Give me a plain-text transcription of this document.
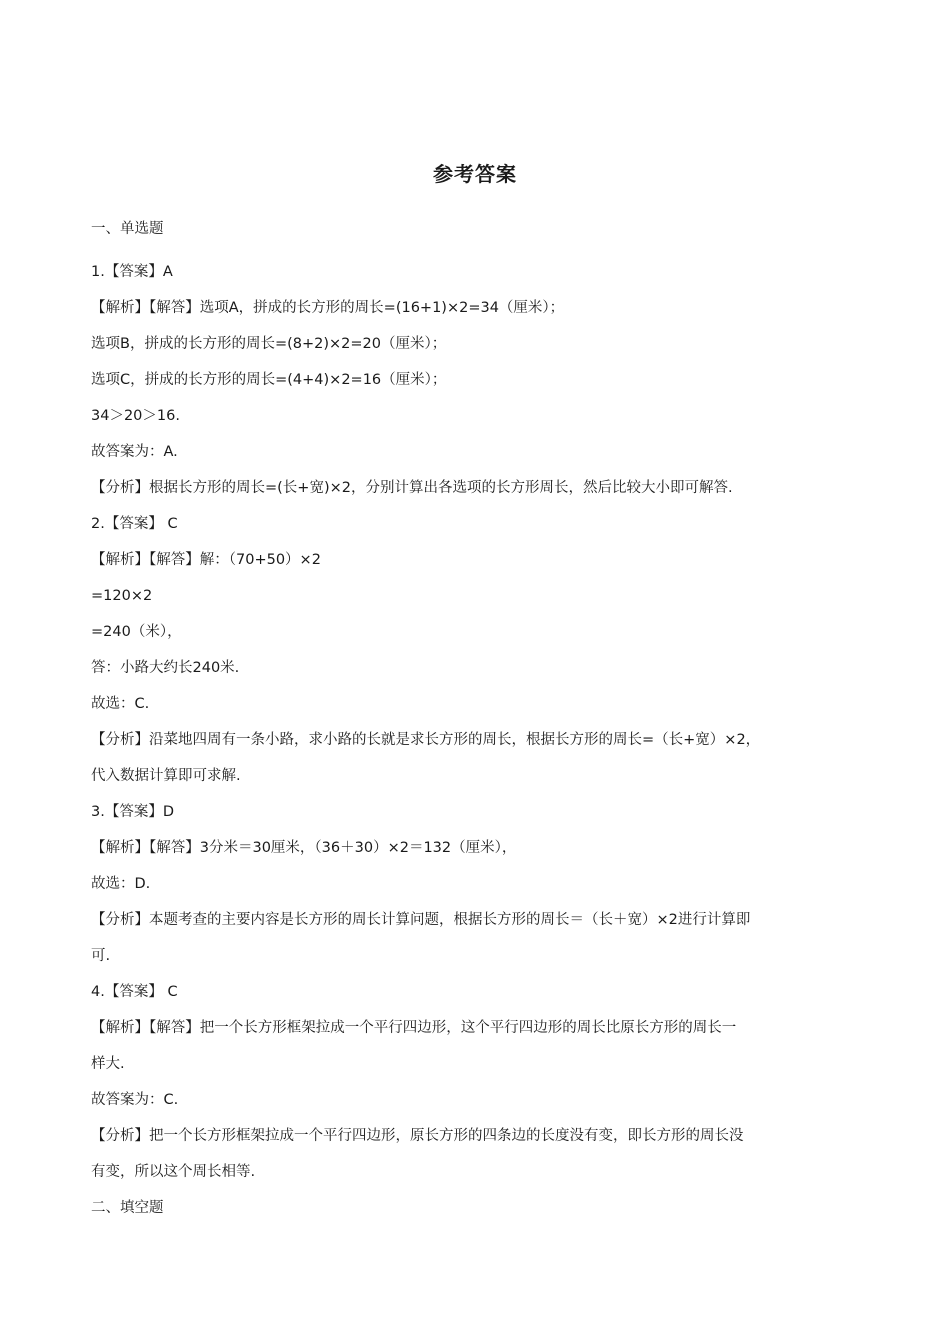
参考答案

一、单选题

1.【答案】A

【解析】【解答】选项A，拼成的长方形的周长=(16+1)×2=34（厘米）；

选项B，拼成的长方形的周长=(8+2)×2=20（厘米）；

选项C，拼成的长方形的周长=(4+4)×2=16（厘米）；

34＞20＞16.

故答案为：A.

【分析】根据长方形的周长=(长+宽)×2，分别计算出各选项的长方形周长，然后比较大小即可解答.

2.【答案】 C

【解析】【解答】解：（70+50）×2

=120×2

=240（米），

答：小路大约长240米.

故选：C.

【分析】沿菜地四周有一条小路，求小路的长就是求长方形的周长，根据长方形的周长=（长+宽）×2，

代入数据计算即可求解.

3.【答案】D

【解析】【解答】3分米＝30厘米，（36＋30）×2＝132（厘米），

故选：D.

【分析】本题考查的主要内容是长方形的周长计算问题，根据长方形的周长＝（长＋宽）×2进行计算即

可.

4.【答案】 C

【解析】【解答】把一个长方形框架拉成一个平行四边形，这个平行四边形的周长比原长方形的周长一

样大.

故答案为：C.

【分析】把一个长方形框架拉成一个平行四边形，原长方形的四条边的长度没有变，即长方形的周长没

有变，所以这个周长相等.

二、填空题
